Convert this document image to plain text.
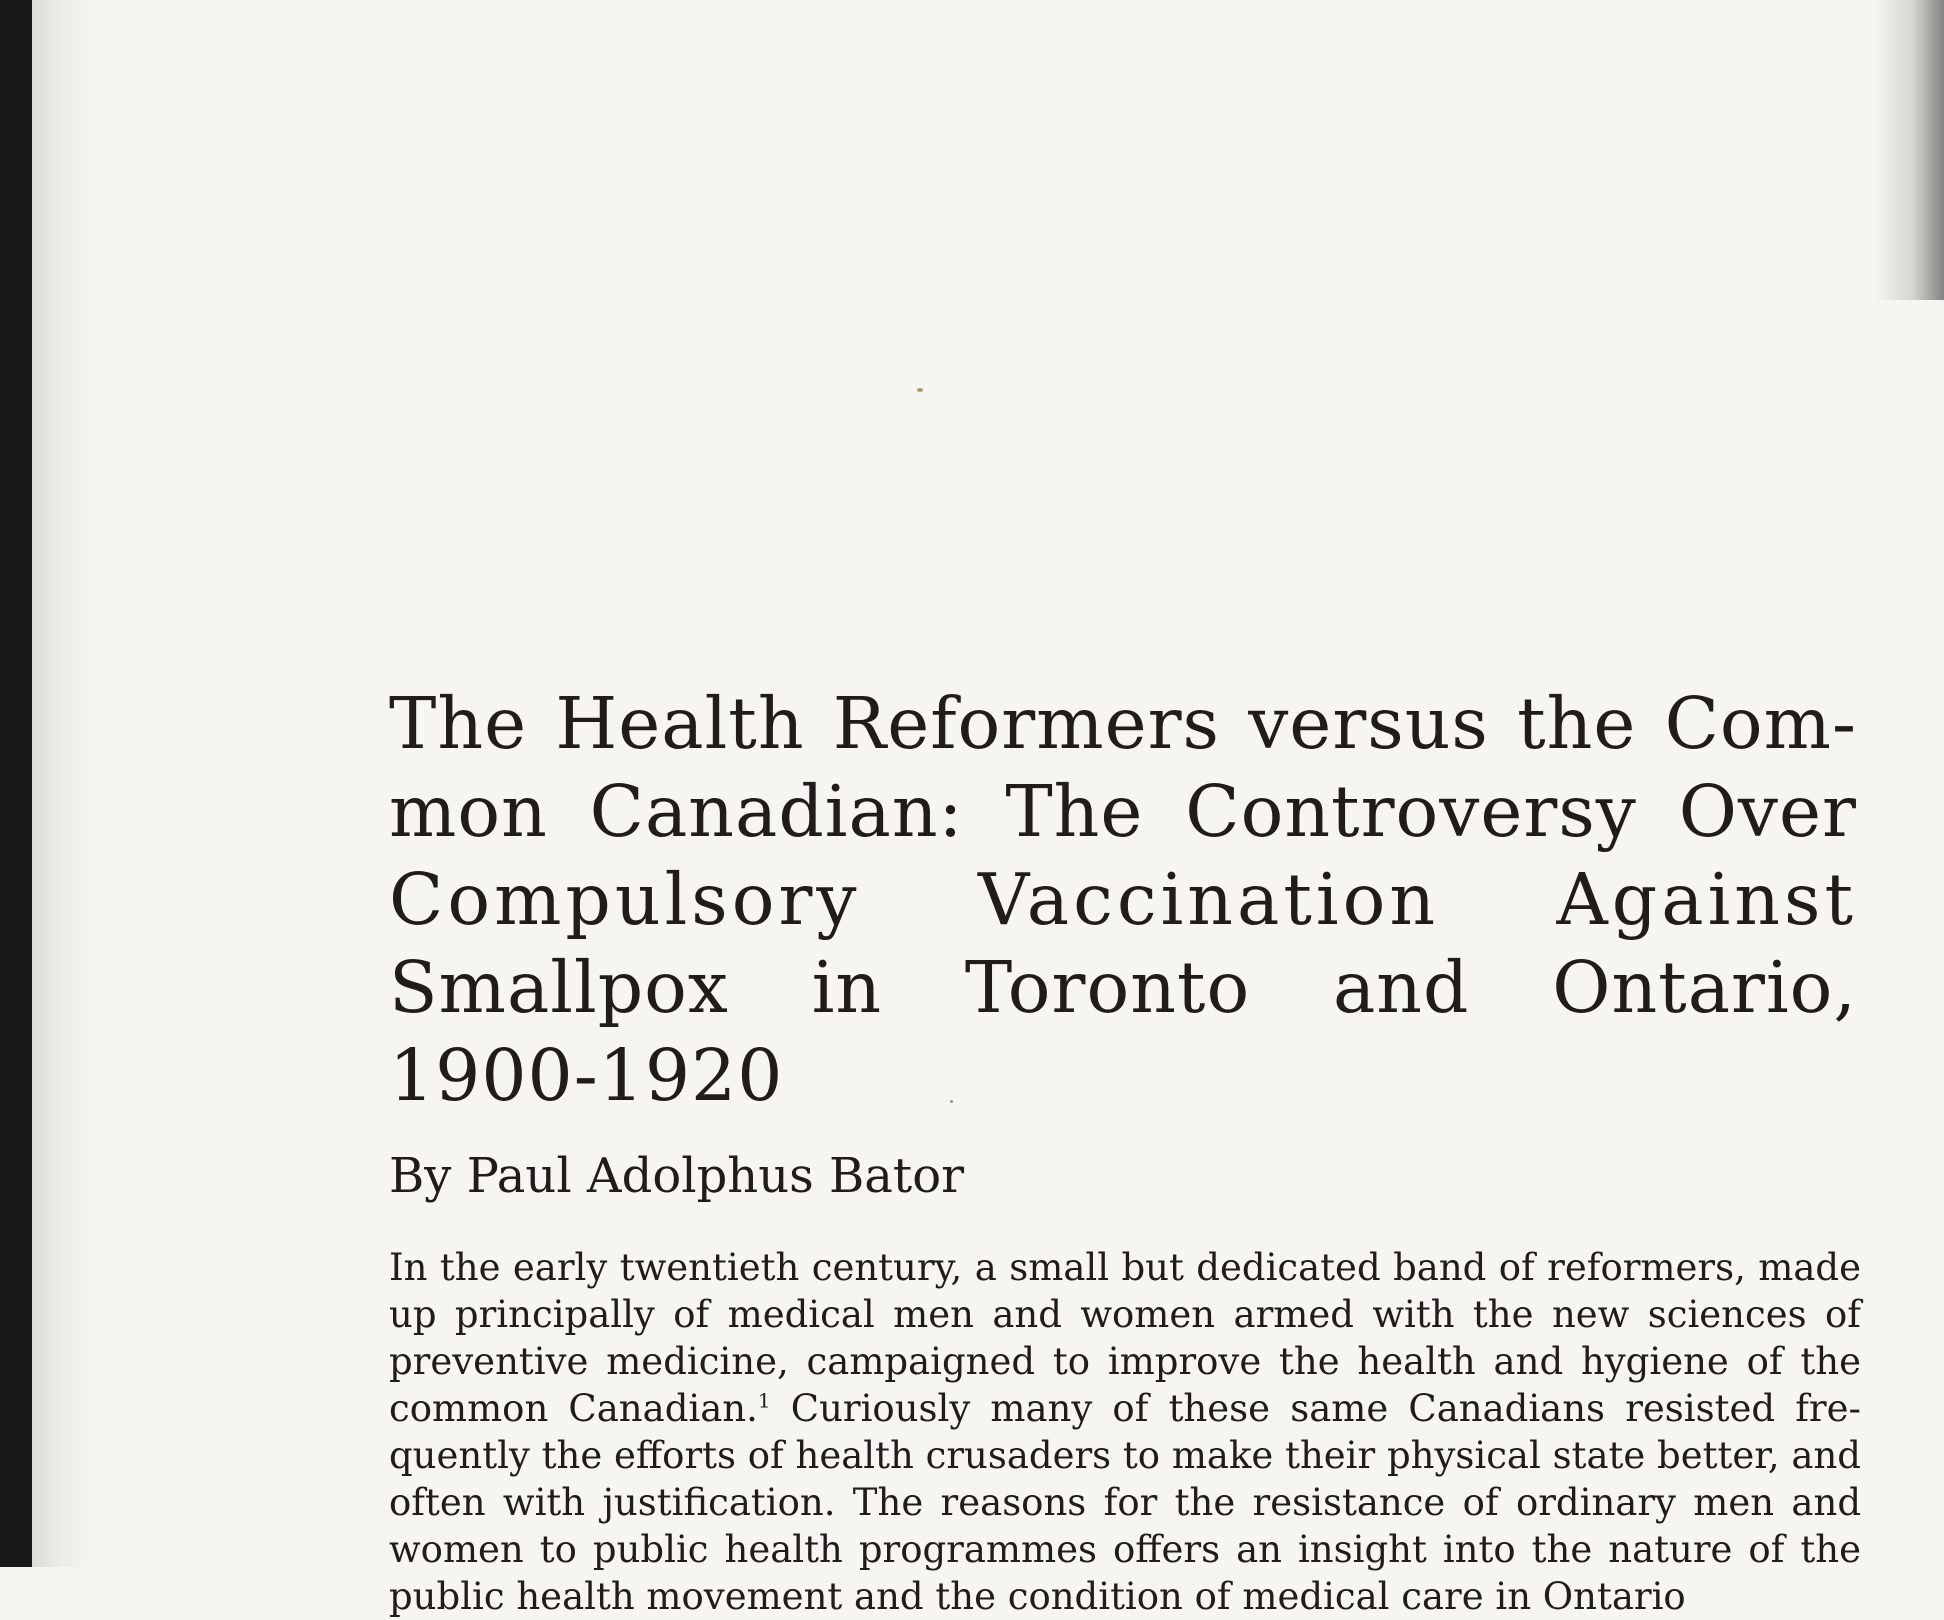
The Health Reformers versus the Com-
mon Canadian: The Controversy Over
Compulsory Vaccination Against
Smallpox in Toronto and Ontario,
1900-1920

By Paul Adolphus Bator

In the early twentieth century, a small but dedicated band of reformers, made up principally of medical men and women armed with the new sciences of preventive medicine, campaigned to improve the health and hygiene of the common Canadian.$^1$ Curiously many of these same Canadians resisted fre-quently the efforts of health crusaders to make their physical state better, and often with justification. The reasons for the resistance of ordinary men and women to public health programmes offers an insight into the nature of the public health movement and the condition of medical care in Ontario
